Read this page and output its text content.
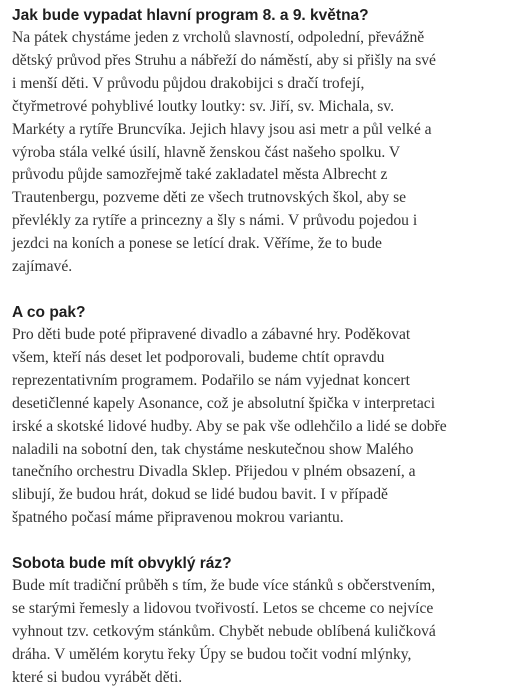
Jak bude vypadat hlavní program 8. a 9. května?

Na pátek chystáme jeden z vrcholů slavností, odpolední, převážně
dětský průvod přes Struhu a nábřeží do náměstí, aby si přišly na své
i menší děti. V průvodu půjdou drakobijci s dračí trofejí,
čtyřmetrové pohyblivé loutky loutky: sv. Jiří, sv. Michala, sv.
Markéty a rytíře Bruncvíka. Jejich hlavy jsou asi metr a půl velké a
výroba stála velké úsilí, hlavně ženskou část našeho spolku. V
průvodu půjde samozřejmě také zakladatel města Albrecht z
Trautenbergu, pozveme děti ze všech trutnovských škol, aby se
převlékly za rytíře a princezny a šly s námi. V průvodu pojedou i
jezdci na koních a ponese se letící drak. Věříme, že to bude
zajímavé.

A co pak?

Pro děti bude poté připravené divadlo a zábavné hry. Poděkovat
všem, kteří nás deset let podporovali, budeme chtít opravdu
reprezentativním programem. Podařilo se nám vyjednat koncert
desetičlenné kapely Asonance, což je absolutní špička v interpretaci
irské a skotské lidové hudby. Aby se pak vše odlehčilo a lidé se dobře
naladili na sobotní den, tak chystáme neskutečnou show Malého
tanečního orchestru Divadla Sklep. Přijedou v plném obsazení, a
slibují, že budou hrát, dokud se lidé budou bavit. I v případě
špatného počasí máme připravenou mokrou variantu.

Sobota bude mít obvyklý ráz?

Bude mít tradiční průběh s tím, že bude více stánků s občerstvením,
se starými řemesly a lidovou tvořivostí. Letos se chceme co nejvíce
vyhnout tzv. cetkovým stánkům. Chybět nebude oblíbená kuličková
dráha. V umělém korytu řeky Úpy se budou točit vodní mlýnky,
které si budou vyrábět děti.
